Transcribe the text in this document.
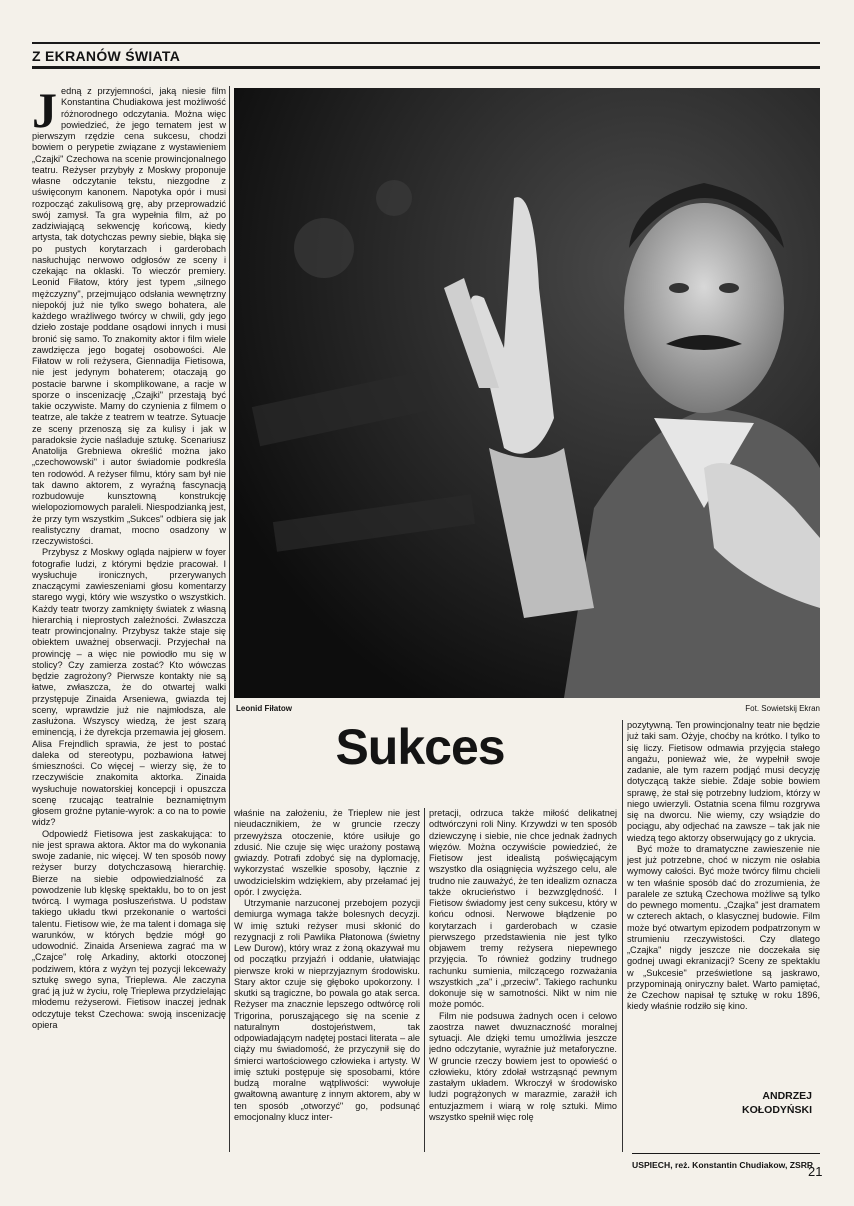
Z EKRANÓW ŚWIATA

Jedną z przyjemności, jaką niesie film Konstantina Chudiakowa jest możliwość różnorodnego odczytania. Można więc powiedzieć, że jego tematem jest w pierwszym rzędzie cena sukcesu, chodzi bowiem o perypetie związane z wystawieniem „Czajki" Czechowa na scenie prowincjonalnego teatru. Reżyser przybyły z Moskwy proponuje własne odczytanie tekstu, niezgodne z uświęconym kanonem. Napotyka opór i musi rozpocząć zakulisową grę, aby przeprowadzić swój zamysł. Ta gra wypełnia film, aż po zadziwiającą sekwencję końcową, kiedy artysta, tak dotychczas pewny siebie, błąka się po pustych korytarzach i garderobach nasłuchując nerwowo odgłosów ze sceny i czekając na oklaski. To wieczór premiery. Leonid Fiłatow, który jest typem „silnego mężczyzny", przejmująco odsłania wewnętrzny niepokój już nie tylko swego bohatera, ale każdego wrażliwego twórcy w chwili, gdy jego dzieło zostaje poddane osądowi innych i musi bronić się samo. To znakomity aktor i film wiele zawdzięcza jego bogatej osobowości. Ale Fiłatow w roli reżysera, Giennadija Fietisowa, nie jest jedynym bohaterem; otaczają go postacie barwne i skomplikowane, a racje w sporze o inscenizację „Czajki" przestają być takie oczywiste. Mamy do czynienia z filmem o teatrze, ale także z teatrem w teatrze. Sytuacje ze sceny przenoszą się za kulisy i jak w paradoksie życie naśladuje sztukę. Scenariusz Anatolija Grebniewa określić można jako „czechowowski" i autor świadomie podkreśla ten rodowód. A reżyser filmu, który sam był nie tak dawno aktorem, z wyraźną fascynacją rozbudowuje kunsztowną konstrukcję wielopoziomowych paraleli. Niespodzianką jest, że przy tym wszystkim „Sukces" odbiera się jak realistyczny dramat, mocno osadzony w rzeczywistości.

Przybysz z Moskwy ogląda najpierw w foyer fotografie ludzi, z którymi będzie pracował. I wysłuchuje ironicznych, przerywanych znaczącymi zawieszeniami głosu komentarzy starego wygi, który wie wszystko o wszystkich. Każdy teatr tworzy zamknięty światek z własną hierarchią i nieprostych zależności. Zwłaszcza teatr prowincjonalny. Przybysz także staje się obiektem uważnej obserwacji. Przyjechał na prowincję – a więc nie powiodło mu się w stolicy? Czy zamierza zostać? Kto wówczas będzie zagrożony? Pierwsze kontakty nie są łatwe, zwłaszcza, że do otwartej walki przystępuje Zinaida Arseniewa, gwiazda tej sceny, wprawdzie już nie najmłodsza, ale zasłużona. Wszyscy wiedzą, że jest szarą eminencją, i że dyrekcja przemawia jej głosem. Alisa Frejndlich sprawia, że jest to postać daleka od stereotypu, pozbawiona łatwej śmieszności. Co więcej – wierzy się, że to rzeczywiście znakomita aktorka. Zinaida wysłuchuje nowatorskiej koncepcji i opuszcza scenę rzucając teatralnie beznamiętnym głosem groźne pytanie-wyrok: a co na to powie widz?

Odpowiedź Fietisowa jest zaskakująca: to nie jest sprawa aktora. Aktor ma do wykonania swoje zadanie, nic więcej. W ten sposób nowy reżyser burzy dotychczasową hierarchię. Bierze na siebie odpowiedzialność za powodzenie lub klęskę spektaklu, bo to on jest twórcą. I wymaga posłuszeństwa. U podstaw takiego układu tkwi przekonanie o wartości talentu. Fietisow wie, że ma talent i domaga się warunków, w których będzie mógł go udowodnić. Zinaida Arseniewa zagrać ma w „Czajce" rolę Arkadiny, aktorki otoczonej podziwem, która z wyżyn tej pozycji lekceważy sztukę swego syna, Trieplewa. Ale zaczyna grać ją już w życiu, rolę Trieplewa przydzielając młodemu reżyserowi. Fietisow inaczej jednak odczytuje tekst Czechowa: swoją inscenizację opiera

Leonid Fiłatow	Fot. Sowietskij Ekran
Sukces

właśnie na założeniu, że Trieplew nie jest nieudacznikiem, że w gruncie rzeczy przewyższa otoczenie, które usiłuje go zdusić. Nie czuje się więc urażony postawą gwiazdy. Potrafi zdobyć się na dyplomację, wykorzystać wszelkie sposoby, łącznie z uwodzicielskim wdziękiem, aby przełamać jej opór. I zwycięża.

Utrzymanie narzuconej przebojem pozycji demiurga wymaga także bolesnych decyzji. W imię sztuki reżyser musi skłonić do rezygnacji z roli Pawlika Płatonowa (świetny Lew Durow), który wraz z żoną okazywał mu od początku przyjaźń i oddanie, ułatwiając pierwsze kroki w nieprzyjaznym środowisku. Stary aktor czuje się głęboko upokorzony. I skutki są tragiczne, bo powala go atak serca. Reżyser ma znacznie lepszego odtwórcę roli Trigorina, porusząjącego się na scenie z naturalnym dostojeństwem, tak odpowiadającym nadętej postaci literata – ale ciąży mu świadomość, że przyczynił się do śmierci wartościowego człowieka i artysty. W imię sztuki postępuje się sposobami, które budzą moralne wątpliwości: wywołuje gwałtowną awanturę z innym aktorem, aby w ten sposób „otworzyć" go, podsunąć emocjonalny klucz inter-

pretacji, odrzuca także miłość delikatnej odtwórczyni roli Niny. Krzywdzi w ten sposób dziewczynę i siebie, nie chce jednak żadnych więzów. Można oczywiście powiedzieć, że Fietisow jest idealistą poświęcającym wszystko dla osiągnięcia wyższego celu, ale trudno nie zauważyć, że ten idealizm oznacza także okrucieństwo i bezwzględność. I Fietisow świadomy jest ceny sukcesu, który w końcu odnosi. Nerwowe błądzenie po korytarzach i garderobach w czasie pierwszego przedstawienia nie jest tylko objawem tremy reżysera niepewnego przyjęcia. To również godziny trudnego rachunku sumienia, milczącego rozważania wszystkich „za" i „przeciw". Takiego rachunku dokonuje się w samotności. Nikt w nim nie może pomóc.

Film nie podsuwa żadnych ocen i celowo zaostrza nawet dwuznaczność moralnej sytuacji. Ale dzięki temu umożliwia jeszcze jedno odczytanie, wyraźnie już metaforyczne. W gruncie rzeczy bowiem jest to opowieść o człowieku, który zdołał wstrząsnąć pewnym zastałym układem. Wkroczył w środowisko ludzi pogrążonych w marazmie, zarażił ich entuzjazmem i wiarą w rolę sztuki. Mimo wszystko spełnił więc rolę

pozytywną. Ten prowincjonalny teatr nie będzie już taki sam. Ożyje, choćby na krótko. I tylko to się liczy. Fietisow odmawia przyjęcia stałego angażu, ponieważ wie, że wypełnił swoje zadanie, ale tym razem podjąć musi decyzję dotyczącą także siebie. Zdaje sobie bowiem sprawę, że stał się potrzebny ludziom, którzy w niego uwierzyli. Ostatnia scena filmu rozgrywa się na dworcu. Nie wiemy, czy wsiądzie do pociągu, aby odjechać na zawsze – tak jak nie wiedzą tego aktorzy obserwujący go z ukrycia.

Być może to dramatyczne zawieszenie nie jest już potrzebne, choć w niczym nie osłabia wymowy całości. Być może twórcy filmu chcieli w ten właśnie sposób dać do zrozumienia, że paralele ze sztuką Czechowa możliwe są tylko do pewnego momentu. „Czajka" jest dramatem w czterech aktach, o klasycznej budowie. Film może być otwartym epizodem podpatrzonym w strumieniu rzeczywistości. Czy dlatego „Czajka" nigdy jeszcze nie doczekała się godnej uwagi ekranizacji? Sceny ze spektaklu w „Sukcesie" prześwietlone są jaskrawo, przypominają oniryczny balet. Warto pamiętać, że Czechow napisał tę sztukę w roku 1896, kiedy właśnie rodziło się kino.

ANDRZEJ
KOŁODYŃSKI
USPIECH, reż. Konstantin Chudiakow, ZSRR
21
